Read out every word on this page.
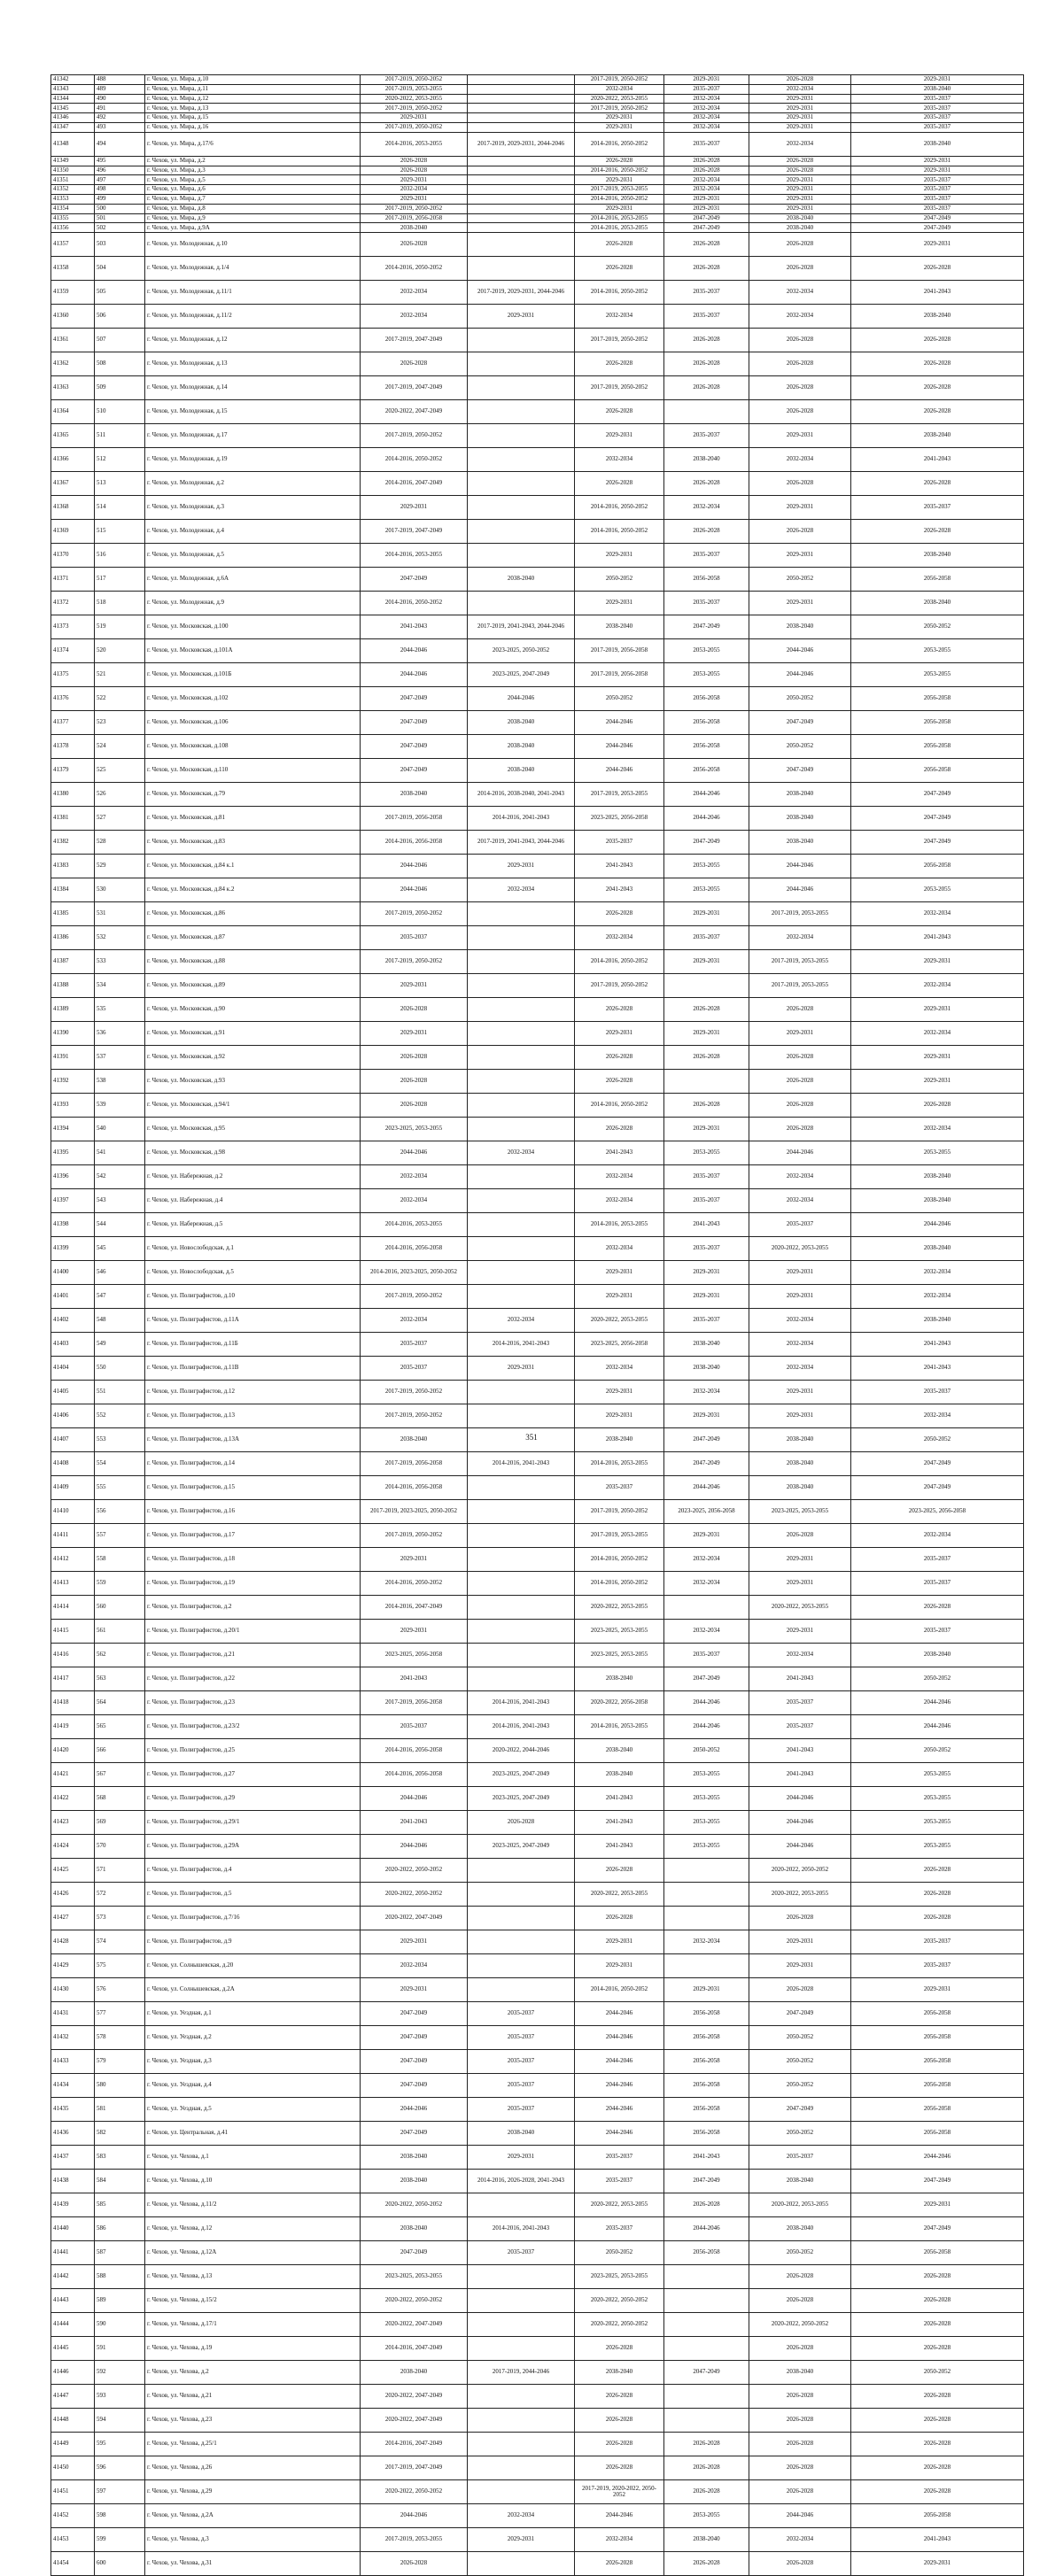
41342	488	г. Чехов, ул. Мира, д.10	2017-2019, 2050-2052		2017-2019, 2050-2052	2029-2031	2026-2028	2029-2031
41343	489	г. Чехов, ул. Мира, д.11	2017-2019, 2053-2055		2032-2034	2035-2037	2032-2034	2038-2040
41344	490	г. Чехов, ул. Мира, д.12	2020-2022, 2053-2055		2020-2022, 2053-2055	2032-2034	2029-2031	2035-2037
41345	491	г. Чехов, ул. Мира, д.13	2017-2019, 2050-2052		2017-2019, 2050-2052	2032-2034	2029-2031	2035-2037
41346	492	г. Чехов, ул. Мира, д.15	2029-2031		2029-2031	2032-2034	2029-2031	2035-2037
41347	493	г. Чехов, ул. Мира, д.16	2017-2019, 2050-2052		2029-2031	2032-2034	2029-2031	2035-2037
41348	494	г. Чехов, ул. Мира, д.17/6	2014-2016, 2053-2055	2017-2019, 2029-2031, 2044-2046	2014-2016, 2050-2052	2035-2037	2032-2034	2038-2040
41349	495	г. Чехов, ул. Мира, д.2	2026-2028		2026-2028	2026-2028	2026-2028	2029-2031
41350	496	г. Чехов, ул. Мира, д.3	2026-2028		2014-2016, 2050-2052	2026-2028	2026-2028	2029-2031
41351	497	г. Чехов, ул. Мира, д.5	2029-2031		2029-2031	2032-2034	2029-2031	2035-2037
41352	498	г. Чехов, ул. Мира, д.6	2032-2034		2017-2019, 2053-2055	2032-2034	2029-2031	2035-2037
41353	499	г. Чехов, ул. Мира, д.7	2029-2031		2014-2016, 2050-2052	2029-2031	2029-2031	2035-2037
41354	500	г. Чехов, ул. Мира, д.8	2017-2019, 2050-2052		2029-2031	2029-2031	2029-2031	2035-2037
41355	501	г. Чехов, ул. Мира, д.9	2017-2019, 2056-2058		2014-2016, 2053-2055	2047-2049	2038-2040	2047-2049
41356	502	г. Чехов, ул. Мира, д.9А	2038-2040		2014-2016, 2053-2055	2047-2049	2038-2040	2047-2049
41357	503	г. Чехов, ул. Молодежная, д.10	2026-2028		2026-2028	2026-2028	2026-2028	2029-2031
41358	504	г. Чехов, ул. Молодежная, д.1/4	2014-2016, 2050-2052		2026-2028	2026-2028	2026-2028	2026-2028
41359	505	г. Чехов, ул. Молодежная, д.11/1	2032-2034	2017-2019, 2029-2031, 2044-2046	2014-2016, 2050-2052	2035-2037	2032-2034	2041-2043
41360	506	г. Чехов, ул. Молодежная, д.11/2	2032-2034	2029-2031	2032-2034	2035-2037	2032-2034	2038-2040
41361	507	г. Чехов, ул. Молодежная, д.12	2017-2019, 2047-2049		2017-2019, 2050-2052	2026-2028	2026-2028	2026-2028
41362	508	г. Чехов, ул. Молодежная, д.13	2026-2028		2026-2028	2026-2028	2026-2028	2026-2028
41363	509	г. Чехов, ул. Молодежная, д.14	2017-2019, 2047-2049		2017-2019, 2050-2052	2026-2028	2026-2028	2026-2028
41364	510	г. Чехов, ул. Молодежная, д.15	2020-2022, 2047-2049		2026-2028		2026-2028	2026-2028
41365	511	г. Чехов, ул. Молодежная, д.17	2017-2019, 2050-2052		2029-2031	2035-2037	2029-2031	2038-2040
41366	512	г. Чехов, ул. Молодежная, д.19	2014-2016, 2050-2052		2032-2034	2038-2040	2032-2034	2041-2043
41367	513	г. Чехов, ул. Молодежная, д.2	2014-2016, 2047-2049		2026-2028	2026-2028	2026-2028	2026-2028
41368	514	г. Чехов, ул. Молодежная, д.3	2029-2031		2014-2016, 2050-2052	2032-2034	2029-2031	2035-2037
41369	515	г. Чехов, ул. Молодежная, д.4	2017-2019, 2047-2049		2014-2016, 2050-2052	2026-2028	2026-2028	2026-2028
41370	516	г. Чехов, ул. Молодежная, д.5	2014-2016, 2053-2055		2029-2031	2035-2037	2029-2031	2038-2040
41371	517	г. Чехов, ул. Молодежная, д.6А	2047-2049	2038-2040	2050-2052	2056-2058	2050-2052	2056-2058
41372	518	г. Чехов, ул. Молодежная, д.9	2014-2016, 2050-2052		2029-2031	2035-2037	2029-2031	2038-2040
41373	519	г. Чехов, ул. Московская, д.100	2041-2043	2017-2019, 2041-2043, 2044-2046	2038-2040	2047-2049	2038-2040	2050-2052
41374	520	г. Чехов, ул. Московская, д.101А	2044-2046	2023-2025, 2050-2052	2017-2019, 2056-2058	2053-2055	2044-2046	2053-2055
41375	521	г. Чехов, ул. Московская, д.101Б	2044-2046	2023-2025, 2047-2049	2017-2019, 2056-2058	2053-2055	2044-2046	2053-2055
41376	522	г. Чехов, ул. Московская, д.102	2047-2049	2044-2046	2050-2052	2056-2058	2050-2052	2056-2058
41377	523	г. Чехов, ул. Московская, д.106	2047-2049	2038-2040	2044-2046	2056-2058	2047-2049	2056-2058
41378	524	г. Чехов, ул. Московская, д.108	2047-2049	2038-2040	2044-2046	2056-2058	2050-2052	2056-2058
41379	525	г. Чехов, ул. Московская, д.110	2047-2049	2038-2040	2044-2046	2056-2058	2047-2049	2056-2058
41380	526	г. Чехов, ул. Московская, д.79	2038-2040	2014-2016, 2038-2040, 2041-2043	2017-2019, 2053-2055	2044-2046	2038-2040	2047-2049
41381	527	г. Чехов, ул. Московская, д.81	2017-2019, 2056-2058	2014-2016, 2041-2043	2023-2025, 2056-2058	2044-2046	2038-2040	2047-2049
41382	528	г. Чехов, ул. Московская, д.83	2014-2016, 2056-2058	2017-2019, 2041-2043, 2044-2046	2035-2037	2047-2049	2038-2040	2047-2049
41383	529	г. Чехов, ул. Московская, д.84 к.1	2044-2046	2029-2031	2041-2043	2053-2055	2044-2046	2056-2058
41384	530	г. Чехов, ул. Московская, д.84 к.2	2044-2046	2032-2034	2041-2043	2053-2055	2044-2046	2053-2055
41385	531	г. Чехов, ул. Московская, д.86	2017-2019, 2050-2052		2026-2028	2029-2031	2017-2019, 2053-2055	2032-2034
41386	532	г. Чехов, ул. Московская, д.87	2035-2037		2032-2034	2035-2037	2032-2034	2041-2043
41387	533	г. Чехов, ул. Московская, д.88	2017-2019, 2050-2052		2014-2016, 2050-2052	2029-2031	2017-2019, 2053-2055	2029-2031
41388	534	г. Чехов, ул. Московская, д.89	2029-2031		2017-2019, 2050-2052		2017-2019, 2053-2055	2032-2034
41389	535	г. Чехов, ул. Московская, д.90	2026-2028		2026-2028	2026-2028	2026-2028	2029-2031
41390	536	г. Чехов, ул. Московская, д.91	2029-2031		2029-2031	2029-2031	2029-2031	2032-2034
41391	537	г. Чехов, ул. Московская, д.92	2026-2028		2026-2028	2026-2028	2026-2028	2029-2031
41392	538	г. Чехов, ул. Московская, д.93	2026-2028		2026-2028		2026-2028	2029-2031
41393	539	г. Чехов, ул. Московская, д.94/1	2026-2028		2014-2016, 2050-2052	2026-2028	2026-2028	2026-2028
41394	540	г. Чехов, ул. Московская, д.95	2023-2025, 2053-2055		2026-2028	2029-2031	2026-2028	2032-2034
41395	541	г. Чехов, ул. Московская, д.98	2044-2046	2032-2034	2041-2043	2053-2055	2044-2046	2053-2055
41396	542	г. Чехов, ул. Набережная, д.2	2032-2034		2032-2034	2035-2037	2032-2034	2038-2040
41397	543	г. Чехов, ул. Набережная, д.4	2032-2034		2032-2034	2035-2037	2032-2034	2038-2040
41398	544	г. Чехов, ул. Набережная, д.5	2014-2016, 2053-2055		2014-2016, 2053-2055	2041-2043	2035-2037	2044-2046
41399	545	г. Чехов, ул. Новослободская, д.1	2014-2016, 2056-2058		2032-2034	2035-2037	2020-2022, 2053-2055	2038-2040
41400	546	г. Чехов, ул. Новослободская, д.5	2014-2016, 2023-2025, 2050-2052		2029-2031	2029-2031	2029-2031	2032-2034
41401	547	г. Чехов, ул. Полиграфистов, д.10	2017-2019, 2050-2052		2029-2031	2029-2031	2029-2031	2032-2034
41402	548	г. Чехов, ул. Полиграфистов, д.11А	2032-2034	2032-2034	2020-2022, 2053-2055	2035-2037	2032-2034	2038-2040
41403	549	г. Чехов, ул. Полиграфистов, д.11Б	2035-2037	2014-2016, 2041-2043	2023-2025, 2056-2058	2038-2040	2032-2034	2041-2043
41404	550	г. Чехов, ул. Полиграфистов, д.11В	2035-2037	2029-2031	2032-2034	2038-2040	2032-2034	2041-2043
41405	551	г. Чехов, ул. Полиграфистов, д.12	2017-2019, 2050-2052		2029-2031	2032-2034	2029-2031	2035-2037
41406	552	г. Чехов, ул. Полиграфистов, д.13	2017-2019, 2050-2052		2029-2031	2029-2031	2029-2031	2032-2034
41407	553	г. Чехов, ул. Полиграфистов, д.13А	2038-2040		2038-2040	2047-2049	2038-2040	2050-2052
41408	554	г. Чехов, ул. Полиграфистов, д.14	2017-2019, 2056-2058	2014-2016, 2041-2043	2014-2016, 2053-2055	2047-2049	2038-2040	2047-2049
41409	555	г. Чехов, ул. Полиграфистов, д.15	2014-2016, 2056-2058		2035-2037	2044-2046	2038-2040	2047-2049
41410	556	г. Чехов, ул. Полиграфистов, д.16	2017-2019, 2023-2025, 2050-2052		2017-2019, 2050-2052	2023-2025, 2056-2058	2023-2025, 2053-2055	2023-2025, 2056-2058
41411	557	г. Чехов, ул. Полиграфистов, д.17	2017-2019, 2050-2052		2017-2019, 2053-2055	2029-2031	2026-2028	2032-2034
41412	558	г. Чехов, ул. Полиграфистов, д.18	2029-2031		2014-2016, 2050-2052	2032-2034	2029-2031	2035-2037
41413	559	г. Чехов, ул. Полиграфистов, д.19	2014-2016, 2050-2052		2014-2016, 2050-2052	2032-2034	2029-2031	2035-2037
41414	560	г. Чехов, ул. Полиграфистов, д.2	2014-2016, 2047-2049		2020-2022, 2053-2055		2020-2022, 2053-2055	2026-2028
41415	561	г. Чехов, ул. Полиграфистов, д.20/1	2029-2031		2023-2025, 2053-2055	2032-2034	2029-2031	2035-2037
41416	562	г. Чехов, ул. Полиграфистов, д.21	2023-2025, 2056-2058		2023-2025, 2053-2055	2035-2037	2032-2034	2038-2040
41417	563	г. Чехов, ул. Полиграфистов, д.22	2041-2043		2038-2040	2047-2049	2041-2043	2050-2052
41418	564	г. Чехов, ул. Полиграфистов, д.23	2017-2019, 2056-2058	2014-2016, 2041-2043	2020-2022, 2056-2058	2044-2046	2035-2037	2044-2046
41419	565	г. Чехов, ул. Полиграфистов, д.23/2	2035-2037	2014-2016, 2041-2043	2014-2016, 2053-2055	2044-2046	2035-2037	2044-2046
41420	566	г. Чехов, ул. Полиграфистов, д.25	2014-2016, 2056-2058	2020-2022, 2044-2046	2038-2040	2050-2052	2041-2043	2050-2052
41421	567	г. Чехов, ул. Полиграфистов, д.27	2014-2016, 2056-2058	2023-2025, 2047-2049	2038-2040	2053-2055	2041-2043	2053-2055
41422	568	г. Чехов, ул. Полиграфистов, д.29	2044-2046	2023-2025, 2047-2049	2041-2043	2053-2055	2044-2046	2053-2055
41423	569	г. Чехов, ул. Полиграфистов, д.29/1	2041-2043	2026-2028	2041-2043	2053-2055	2044-2046	2053-2055
41424	570	г. Чехов, ул. Полиграфистов, д.29А	2044-2046	2023-2025, 2047-2049	2041-2043	2053-2055	2044-2046	2053-2055
41425	571	г. Чехов, ул. Полиграфистов, д.4	2020-2022, 2050-2052		2026-2028		2020-2022, 2050-2052	2026-2028
41426	572	г. Чехов, ул. Полиграфистов, д.5	2020-2022, 2050-2052		2020-2022, 2053-2055		2020-2022, 2053-2055	2026-2028
41427	573	г. Чехов, ул. Полиграфистов, д.7/16	2020-2022, 2047-2049		2026-2028		2026-2028	2026-2028
41428	574	г. Чехов, ул. Полиграфистов, д.9	2029-2031		2029-2031	2032-2034	2029-2031	2035-2037
41429	575	г. Чехов, ул. Солнышевская, д.20	2032-2034		2029-2031		2029-2031	2035-2037
41430	576	г. Чехов, ул. Солнышевская, д.2А	2029-2031		2014-2016, 2050-2052	2029-2031	2026-2028	2029-2031
41431	577	г. Чехов, ул. Уездная, д.1	2047-2049	2035-2037	2044-2046	2056-2058	2047-2049	2056-2058
41432	578	г. Чехов, ул. Уездная, д.2	2047-2049	2035-2037	2044-2046	2056-2058	2050-2052	2056-2058
41433	579	г. Чехов, ул. Уездная, д.3	2047-2049	2035-2037	2044-2046	2056-2058	2050-2052	2056-2058
41434	580	г. Чехов, ул. Уездная, д.4	2047-2049	2035-2037	2044-2046	2056-2058	2050-2052	2056-2058
41435	581	г. Чехов, ул. Уездная, д.5	2044-2046	2035-2037	2044-2046	2056-2058	2047-2049	2056-2058
41436	582	г. Чехов, ул. Центральная, д.41	2047-2049	2038-2040	2044-2046	2056-2058	2050-2052	2056-2058
41437	583	г. Чехов, ул. Чехова, д.1	2038-2040	2029-2031	2035-2037	2041-2043	2035-2037	2044-2046
41438	584	г. Чехов, ул. Чехова, д.10	2038-2040	2014-2016, 2026-2028, 2041-2043	2035-2037	2047-2049	2038-2040	2047-2049
41439	585	г. Чехов, ул. Чехова, д.11/2	2020-2022, 2050-2052		2020-2022, 2053-2055	2026-2028	2020-2022, 2053-2055	2029-2031
41440	586	г. Чехов, ул. Чехова, д.12	2038-2040	2014-2016, 2041-2043	2035-2037	2044-2046	2038-2040	2047-2049
41441	587	г. Чехов, ул. Чехова, д.12А	2047-2049	2035-2037	2050-2052	2056-2058	2050-2052	2056-2058
41442	588	г. Чехов, ул. Чехова, д.13	2023-2025, 2053-2055		2023-2025, 2053-2055		2026-2028	2026-2028
41443	589	г. Чехов, ул. Чехова, д.15/2	2020-2022, 2050-2052		2020-2022, 2050-2052		2026-2028	2026-2028
41444	590	г. Чехов, ул. Чехова, д.17/1	2020-2022, 2047-2049		2020-2022, 2050-2052		2020-2022, 2050-2052	2026-2028
41445	591	г. Чехов, ул. Чехова, д.19	2014-2016, 2047-2049		2026-2028		2026-2028	2026-2028
41446	592	г. Чехов, ул. Чехова, д.2	2038-2040	2017-2019, 2044-2046	2038-2040	2047-2049	2038-2040	2050-2052
41447	593	г. Чехов, ул. Чехова, д.21	2020-2022, 2047-2049		2026-2028		2026-2028	2026-2028
41448	594	г. Чехов, ул. Чехова, д.23	2020-2022, 2047-2049		2026-2028		2026-2028	2026-2028
41449	595	г. Чехов, ул. Чехова, д.25/1	2014-2016, 2047-2049		2026-2028	2026-2028	2026-2028	2026-2028
41450	596	г. Чехов, ул. Чехова, д.26	2017-2019, 2047-2049		2026-2028	2026-2028	2026-2028	2026-2028
41451	597	г. Чехов, ул. Чехова, д.29	2020-2022, 2050-2052		2017-2019, 2020-2022, 2050-2052	2026-2028	2026-2028	2026-2028
41452	598	г. Чехов, ул. Чехова, д.2А	2044-2046	2032-2034	2044-2046	2053-2055	2044-2046	2056-2058
41453	599	г. Чехов, ул. Чехова, д.3	2017-2019, 2053-2055	2029-2031	2032-2034	2038-2040	2032-2034	2041-2043
41454	600	г. Чехов, ул. Чехова, д.31	2026-2028		2026-2028	2026-2028	2026-2028	2029-2031
351
